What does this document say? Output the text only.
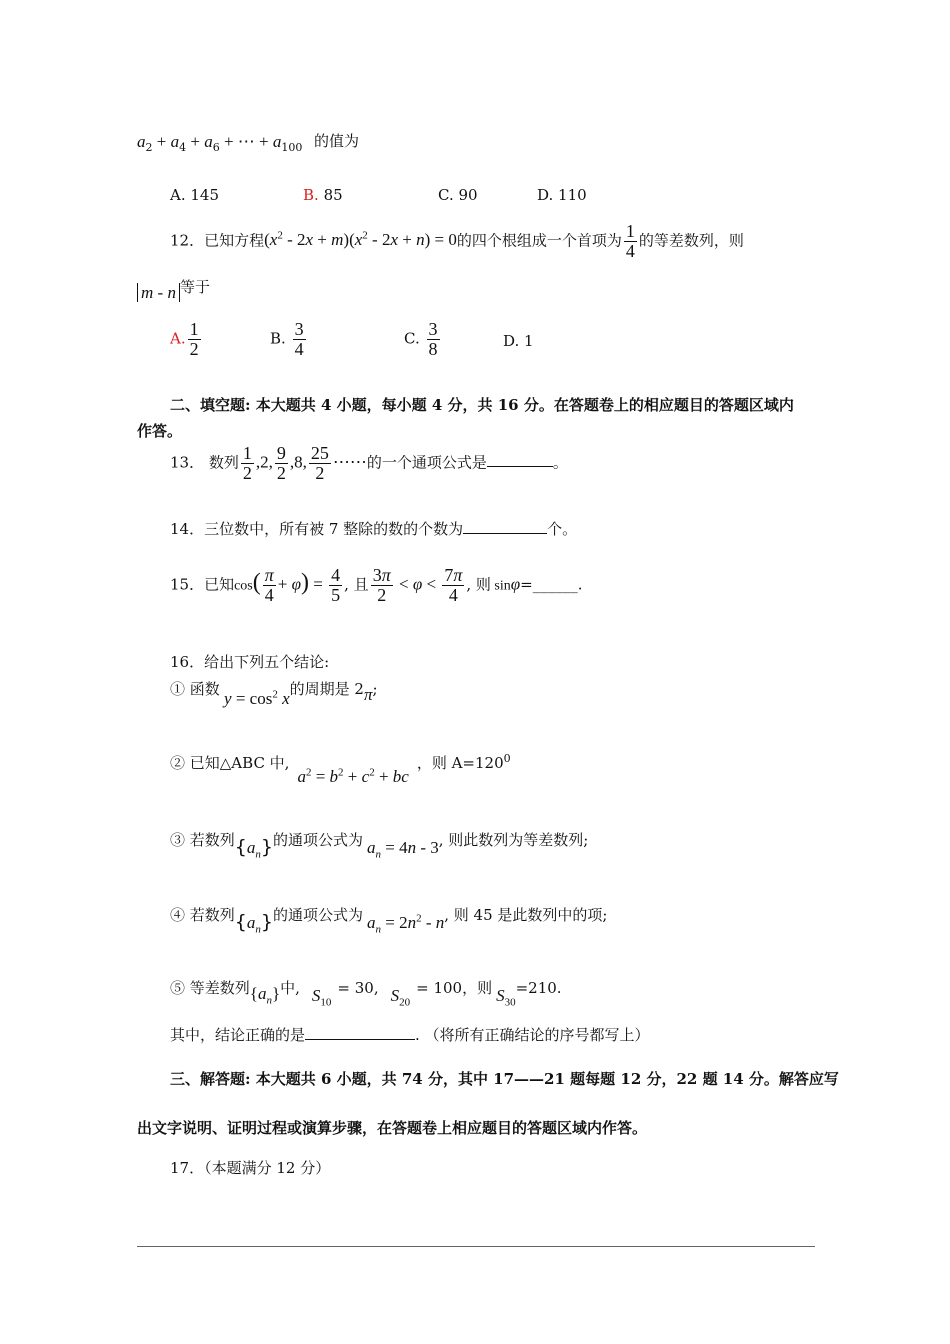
$a_2 + a_4 + a_6$ + ⋯ + $a_{100}$ 的值为
A. 145	B. 85	C. 90	D. 110
12．已知方程$(x^2 - 2x + m)(x^2 - 2x + n) = 0$的四个根组成一个首项为 $\frac{1}{4}$ 的等差数列，则
m - n 等于
A. $\frac{1}{2}$	B. $\frac{3}{4}$	C. $\frac{3}{8}$	D. 1
二、填空题: 本大题共 4 小题，每小题 4 分，共 16 分。在答题卷上的相应题目的答题区域内
作答。
13． 数列 $\frac{1}{2} ,2$, $\frac{9}{2} ,8$, $\frac{25}{2}$ ⋯⋯的一个通项公式是	。
14．三位数中，所有被 7 整除的数的个数为	个。
15．已知$\cos( \frac{\pi}{4} + \varphi) = \frac{4}{5}$ , 且 $\frac{3\pi}{2} < \varphi < \frac{7\pi}{4}$ , 则 sinφ=______.
16．给出下列五个结论:
① 函数 $y = \cos^2 x$的周期是 2π;
② 已知△ABC 中$,a^2 = b^2 + c^2$ + bc，则 $A=120^0$
③ 若数列$\{a_n\}$的通项公式为 $a_n = 4n - 3$, 则此数列为等差数列;
④ 若数列$\{a_n\}$的通项公式为 $a_n = 2n^2 - n$, 则 45 是此数列中的项;
⑤ 等差数列$\{a_n\}$中, $S_{10}= 30$, $S_{20}= 100$，则 $S_{30}=210$.
其中，结论正确的是	. （将所有正确结论的序号都写上）
三、解答题: 本大题共 6 小题，共 74 分，其中 17——21 题每题 12 分，22 题 14 分。解答应写
出文字说明、证明过程或演算步骤，在答题卷上相应题目的答题区域内作答。
17．（本题满分 12 分）
